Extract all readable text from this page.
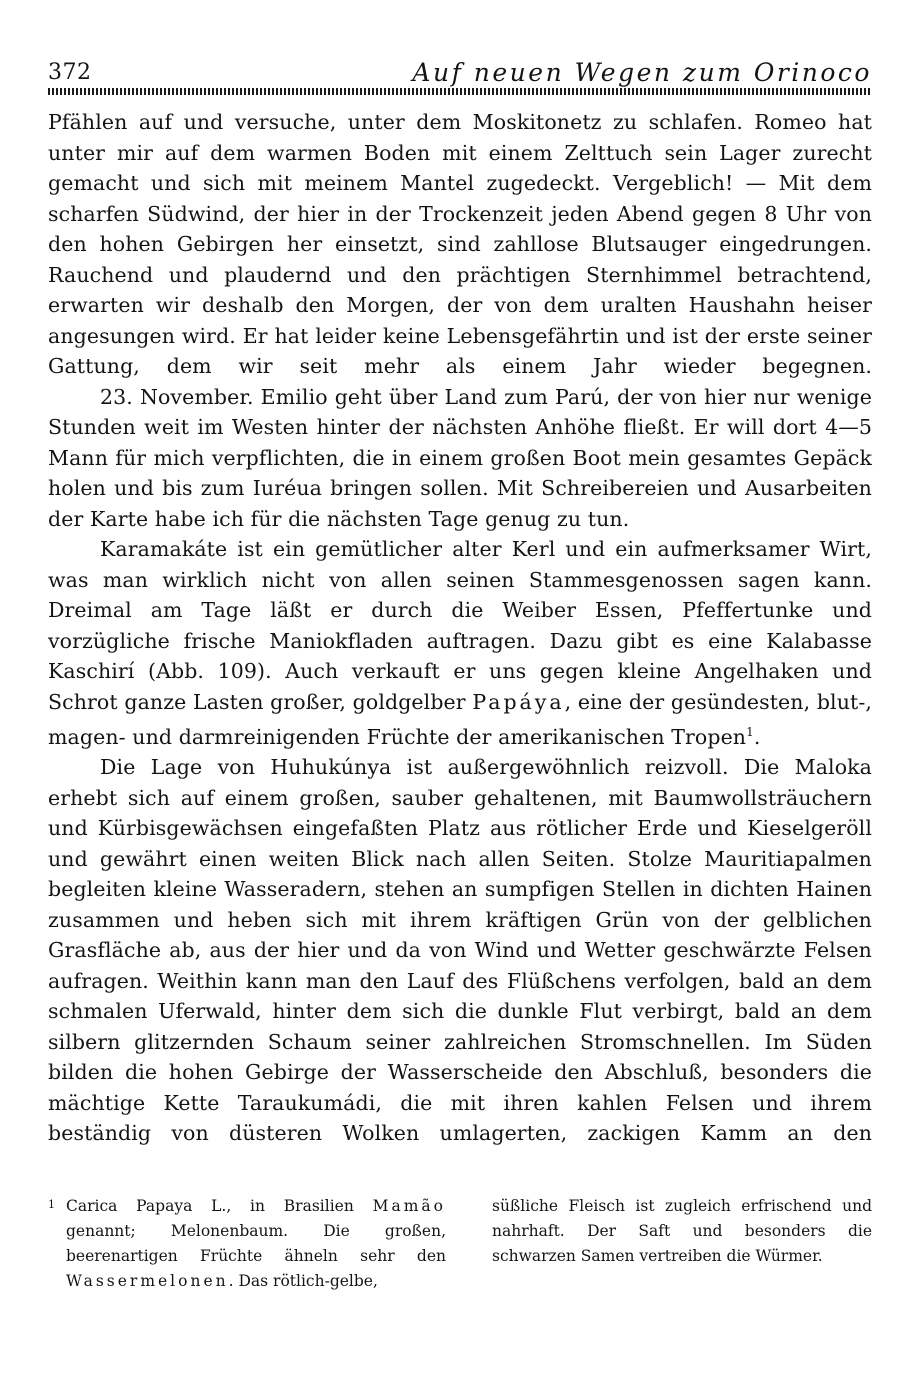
372	Auf neuen Wegen zum Orinoco

Pfählen auf und versuche, unter dem Moskitonetz zu schlafen. Romeo hat unter mir auf dem warmen Boden mit einem Zelttuch sein Lager zurecht gemacht und sich mit meinem Mantel zugedeckt. Vergeblich! — Mit dem scharfen Südwind, der hier in der Trockenzeit jeden Abend gegen 8 Uhr von den hohen Gebirgen her einsetzt, sind zahllose Blutsauger eingedrungen. Rauchend und plaudernd und den prächtigen Sternhimmel betrachtend, erwarten wir deshalb den Morgen, der von dem uralten Haushahn heiser angesungen wird. Er hat leider keine Lebensgefährtin und ist der erste seiner Gattung, dem wir seit mehr als einem Jahr wieder begegnen.

23. November. Emilio geht über Land zum Parú, der von hier nur wenige Stunden weit im Westen hinter der nächsten Anhöhe fließt. Er will dort 4—5 Mann für mich verpflichten, die in einem großen Boot mein gesamtes Gepäck holen und bis zum Iuréua bringen sollen. Mit Schreibereien und Ausarbeiten der Karte habe ich für die nächsten Tage genug zu tun.

Karamakáte ist ein gemütlicher alter Kerl und ein aufmerksamer Wirt, was man wirklich nicht von allen seinen Stammesgenossen sagen kann. Dreimal am Tage läßt er durch die Weiber Essen, Pfeffertunke und vorzügliche frische Maniokfladen auftragen. Dazu gibt es eine Kalabasse Kaschirí (Abb. 109). Auch verkauft er uns gegen kleine Angelhaken und Schrot ganze Lasten großer, goldgelber Papáya, eine der gesündesten, blut-, magen- und darmreinigenden Früchte der amerikanischen Tropen$^1$.

Die Lage von Huhukúnya ist außergewöhnlich reizvoll. Die Maloka erhebt sich auf einem großen, sauber gehaltenen, mit Baumwollsträuchern und Kürbisgewächsen eingefaßten Platz aus rötlicher Erde und Kieselgeröll und gewährt einen weiten Blick nach allen Seiten. Stolze Mauritiapalmen begleiten kleine Wasseradern, stehen an sumpfigen Stellen in dichten Hainen zusammen und heben sich mit ihrem kräftigen Grün von der gelblichen Grasfläche ab, aus der hier und da von Wind und Wetter geschwärzte Felsen aufragen. Weithin kann man den Lauf des Flüßchens verfolgen, bald an dem schmalen Uferwald, hinter dem sich die dunkle Flut verbirgt, bald an dem silbern glitzernden Schaum seiner zahlreichen Stromschnellen. Im Süden bilden die hohen Gebirge der Wasserscheide den Abschluß, besonders die mächtige Kette Taraukumádi, die mit ihren kahlen Felsen und ihrem beständig von düsteren Wolken umlagerten, zackigen Kamm an den

1 Carica Papaya L., in Brasilien Mamão genannt; Melonenbaum. Die großen, beerenartigen Früchte ähneln sehr den Wassermelonen. Das rötlich-gelbe,
süßliche Fleisch ist zugleich erfrischend und nahrhaft. Der Saft und besonders die schwarzen Samen vertreiben die Würmer.
